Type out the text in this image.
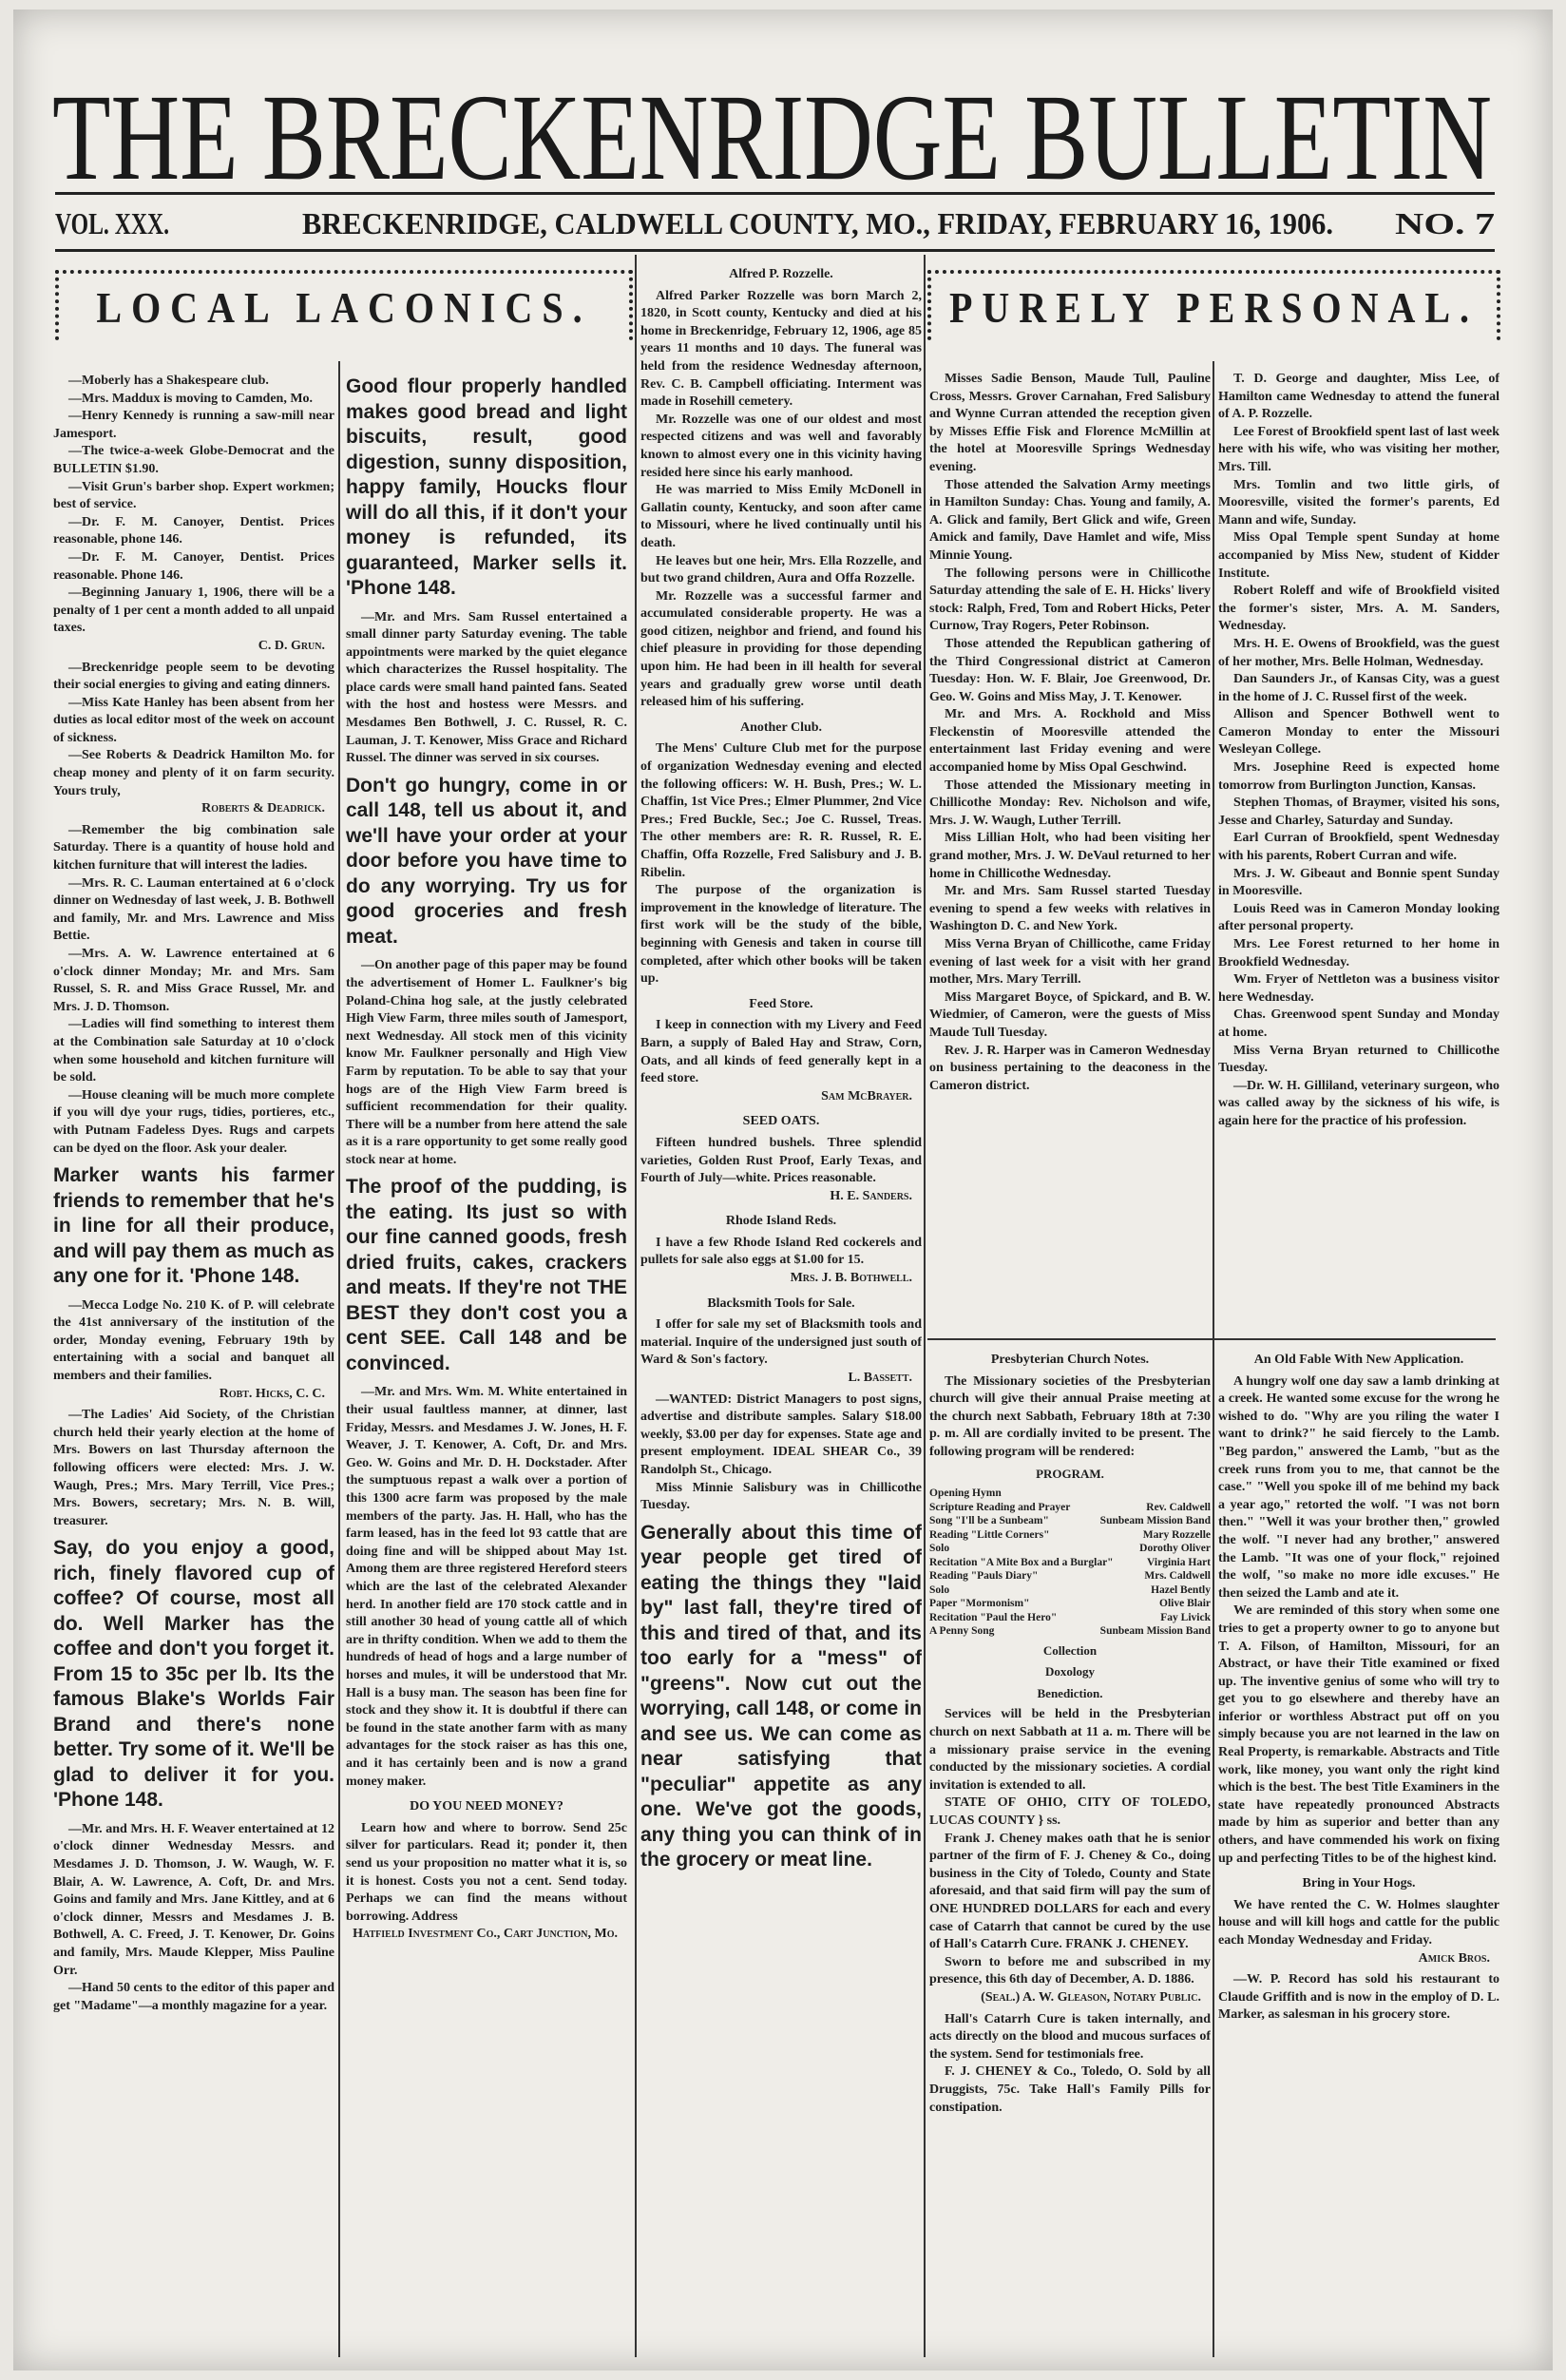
THE BRECKENRIDGE BULLETIN
VOL. XXX.	BRECKENRIDGE, CALDWELL COUNTY, MO., FRIDAY, FEBRUARY 16, 1906. NO. 7
LOCAL LACONICS.	PURELY PERSONAL.
—Moberly has a Shakespeare club.
—Mrs. Maddux is moving to Camden, Mo.
—Henry Kennedy is running a saw-mill near Jamesport.
—The twice-a-week Globe-Democrat and the BULLETIN $1.90.
—Visit Grun's barber shop. Expert workmen; best of service.
—Dr. F. M. Canoyer, Dentist. Prices reasonable, phone 146.
—Dr. F. M. Canoyer, Dentist. Prices reasonable. Phone 146.
—Beginning January 1, 1906, there will be a penalty of 1 per cent a month added to all unpaid taxes.
C. D. Grun.
—Breckenridge people seem to be devoting their social energies to giving and eating dinners.
—Miss Kate Hanley has been absent from her duties as local editor most of the week on account of sickness.
—See Roberts & Deadrick Hamilton Mo. for cheap money and plenty of it on farm security. Yours truly,
Roberts & Deadrick.
—Remember the big combination sale Saturday. There is a quantity of house hold and kitchen furniture that will interest the ladies.
—Mrs. R. C. Lauman entertained at 6 o'clock dinner on Wednesday of last week, J. B. Bothwell and family, Mr. and Mrs. Lawrence and Miss Bettie.
—Mrs. A. W. Lawrence entertained at 6 o'clock dinner Monday; Mr. and Mrs. Sam Russel, S. R. and Miss Grace Russel, Mr. and Mrs. J. D. Thomson.
—Ladies will find something to interest them at the Combination sale Saturday at 10 o'clock when some household and kitchen furniture will be sold.
—House cleaning will be much more complete if you will dye your rugs, tidies, portieres, etc., with Putnam Fadeless Dyes. Rugs and carpets can be dyed on the floor. Ask your dealer.
Marker wants his farmer friends to remember that he's in line for all their produce, and will pay them as much as any one for it. 'Phone 148.
—Mecca Lodge No. 210 K. of P. will celebrate the 41st anniversary of the institution of the order, Monday evening, February 19th by entertaining with a social and banquet all members and their families.
Robt. Hicks, C. C.
—The Ladies' Aid Society, of the Christian church held their yearly election at the home of Mrs. Bowers on last Thursday afternoon the following officers were elected: Mrs. J. W. Waugh, Pres.; Mrs. Mary Terrill, Vice Pres.; Mrs. Bowers, secretary; Mrs. N. B. Will, treasurer.
Say, do you enjoy a good, rich, finely flavored cup of coffee? Of course, most all do. Well Marker has the coffee and don't you forget it. From 15 to 35c per lb. Its the famous Blake's Worlds Fair Brand and there's none better. Try some of it. We'll be glad to deliver it for you. 'Phone 148.
—Mr. and Mrs. H. F. Weaver entertained at 12 o'clock dinner Wednesday Messrs. and Mesdames J. D. Thomson, J. W. Waugh, W. F. Blair, A. W. Lawrence, A. Coft, Dr. and Mrs. Goins and family and Mrs. Jane Kittley, and at 6 o'clock dinner, Messrs and Mesdames J. B. Bothwell, A. C. Freed, J. T. Kenower, Dr. Goins and family, Mrs. Maude Klepper, Miss Pauline Orr.
—Hand 50 cents to the editor of this paper and get "Madame"—a monthly magazine for a year.
Good flour properly handled makes good bread and light biscuits, result, good digestion, sunny disposition, happy family, Houcks flour will do all this, if it don't your money is refunded, its guaranteed, Marker sells it. 'Phone 148.
—Mr. and Mrs. Sam Russel entertained a small dinner party Saturday evening. The table appointments were marked by the quiet elegance which characterizes the Russel hospitality. The place cards were small hand painted fans. Seated with the host and hostess were Messrs. and Mesdames Ben Bothwell, J. C. Russel, R. C. Lauman, J. T. Kenower, Miss Grace and Richard Russel. The dinner was served in six courses.
Don't go hungry, come in or call 148, tell us about it, and we'll have your order at your door before you have time to do any worrying. Try us for good groceries and fresh meat.
—On another page of this paper may be found the advertisement of Homer L. Faulkner's big Poland-China hog sale, at the justly celebrated High View Farm, three miles south of Jamesport, next Wednesday. All stock men of this vicinity know Mr. Faulkner personally and High View Farm by reputation. To be able to say that your hogs are of the High View Farm breed is sufficient recommendation for their quality. There will be a number from here attend the sale as it is a rare opportunity to get some really good stock near at home.
The proof of the pudding, is the eating. Its just so with our fine canned goods, fresh dried fruits, cakes, crackers and meats. If they're not THE BEST they don't cost you a cent SEE. Call 148 and be convinced.
—Mr. and Mrs. Wm. M. White entertained in their usual faultless manner, at dinner, last Friday, Messrs. and Mesdames J. W. Jones, H. F. Weaver, J. T. Kenower, A. Coft, Dr. and Mrs. Geo. W. Goins and Mr. D. H. Dockstader. After the sumptuous repast a walk over a portion of this 1300 acre farm was proposed by the male members of the party. Jas. H. Hall, who has the farm leased, has in the feed lot 93 cattle that are doing fine and will be shipped about May 1st. Among them are three registered Hereford steers which are the last of the celebrated Alexander herd. In another field are 170 stock cattle and in still another 30 head of young cattle all of which are in thrifty condition. When we add to them the hundreds of head of hogs and a large number of horses and mules, it will be understood that Mr. Hall is a busy man. The season has been fine for stock and they show it. It is doubtful if there can be found in the state another farm with as many advantages for the stock raiser as has this one, and it has certainly been and is now a grand money maker.
DO YOU NEED MONEY?
Learn how and where to borrow. Send 25c silver for particulars. Read it; ponder it, then send us your proposition no matter what it is, so it is honest. Costs you not a cent. Send today. Perhaps we can find the means without borrowing. Address
Hatfield Investment Co., Cart Junction, Mo.
Alfred P. Rozzelle.
Alfred Parker Rozzelle was born March 2, 1820, in Scott county, Kentucky and died at his home in Breckenridge, February 12, 1906, age 85 years 11 months and 10 days. The funeral was held from the residence Wednesday afternoon, Rev. C. B. Campbell officiating. Interment was made in Rosehill cemetery.
Mr. Rozzelle was one of our oldest and most respected citizens and was well and favorably known to almost every one in this vicinity having resided here since his early manhood.
He was married to Miss Emily McDonell in Gallatin county, Kentucky, and soon after came to Missouri, where he lived continually until his death.
He leaves but one heir, Mrs. Ella Rozzelle, and but two grand children, Aura and Offa Rozzelle.
Mr. Rozzelle was a successful farmer and accumulated considerable property. He was a good citizen, neighbor and friend, and found his chief pleasure in providing for those depending upon him. He had been in ill health for several years and gradually grew worse until death released him of his suffering.
Another Club.
The Mens' Culture Club met for the purpose of organization Wednesday evening and elected the following officers: W. H. Bush, Pres.; W. L. Chaffin, 1st Vice Pres.; Elmer Plummer, 2nd Vice Pres.; Fred Buckle, Sec.; Joe C. Russel, Treas. The other members are: R. R. Russel, R. E. Chaffin, Offa Rozzelle, Fred Salisbury and J. B. Ribelin.
The purpose of the organization is improvement in the knowledge of literature. The first work will be the study of the bible, beginning with Genesis and taken in course till completed, after which other books will be taken up.
Feed Store.
I keep in connection with my Livery and Feed Barn, a supply of Baled Hay and Straw, Corn, Oats, and all kinds of feed generally kept in a feed store.
Sam McBrayer.
SEED OATS.
Fifteen hundred bushels. Three splendid varieties, Golden Rust Proof, Early Texas, and Fourth of July—white. Prices reasonable.
H. E. Sanders.
Rhode Island Reds.
I have a few Rhode Island Red cockerels and pullets for sale also eggs at $1.00 for 15.
Mrs. J. B. Bothwell.
Blacksmith Tools for Sale.
I offer for sale my set of Blacksmith tools and material. Inquire of the undersigned just south of Ward & Son's factory.
L. Bassett.
—WANTED: District Managers to post signs, advertise and distribute samples. Salary $18.00 weekly, $3.00 per day for expenses. State age and present employment. IDEAL SHEAR Co., 39 Randolph St., Chicago.
Miss Minnie Salisbury was in Chillicothe Tuesday.
Generally about this time of year people get tired of eating the things they "laid by" last fall, they're tired of this and tired of that, and its too early for a "mess" of "greens". Now cut out the worrying, call 148, or come in and see us. We can come as near satisfying that "peculiar" appetite as any one. We've got the goods, any thing you can think of in the grocery or meat line.
Misses Sadie Benson, Maude Tull, Pauline Cross, Messrs. Grover Carnahan, Fred Salisbury and Wynne Curran attended the reception given by Misses Effie Fisk and Florence McMillin at the hotel at Mooresville Springs Wednesday evening.
Those attended the Salvation Army meetings in Hamilton Sunday: Chas. Young and family, A. A. Glick and family, Bert Glick and wife, Green Amick and family, Dave Hamlet and wife, Miss Minnie Young.
The following persons were in Chillicothe Saturday attending the sale of E. H. Hicks' livery stock: Ralph, Fred, Tom and Robert Hicks, Peter Curnow, Tray Rogers, Peter Robinson.
Those attended the Republican gathering of the Third Congressional district at Cameron Tuesday: Hon. W. F. Blair, Joe Greenwood, Dr. Geo. W. Goins and Miss May, J. T. Kenower.
Mr. and Mrs. A. Rockhold and Miss Fleckenstin of Mooresville attended the entertainment last Friday evening and were accompanied home by Miss Opal Geschwind.
Those attended the Missionary meeting in Chillicothe Monday: Rev. Nicholson and wife, Mrs. J. W. Waugh, Luther Terrill.
Miss Lillian Holt, who had been visiting her grand mother, Mrs. J. W. DeVaul returned to her home in Chillicothe Wednesday.
Mr. and Mrs. Sam Russel started Tuesday evening to spend a few weeks with relatives in Washington D. C. and New York.
Miss Verna Bryan of Chillicothe, came Friday evening of last week for a visit with her grand mother, Mrs. Mary Terrill.
Miss Margaret Boyce, of Spickard, and B. W. Wiedmier, of Cameron, were the guests of Miss Maude Tull Tuesday.
Rev. J. R. Harper was in Cameron Wednesday on business pertaining to the deaconess in the Cameron district.
T. D. George and daughter, Miss Lee, of Hamilton came Wednesday to attend the funeral of A. P. Rozzelle.
Lee Forest of Brookfield spent last of last week here with his wife, who was visiting her mother, Mrs. Till.
Mrs. Tomlin and two little girls, of Mooresville, visited the former's parents, Ed Mann and wife, Sunday.
Miss Opal Temple spent Sunday at home accompanied by Miss New, student of Kidder Institute.
Robert Roleff and wife of Brookfield visited the former's sister, Mrs. A. M. Sanders, Wednesday.
Mrs. H. E. Owens of Brookfield, was the guest of her mother, Mrs. Belle Holman, Wednesday.
Dan Saunders Jr., of Kansas City, was a guest in the home of J. C. Russel first of the week.
Allison and Spencer Bothwell went to Cameron Monday to enter the Missouri Wesleyan College.
Mrs. Josephine Reed is expected home tomorrow from Burlington Junction, Kansas.
Stephen Thomas, of Braymer, visited his sons, Jesse and Charley, Saturday and Sunday.
Earl Curran of Brookfield, spent Wednesday with his parents, Robert Curran and wife.
Mrs. J. W. Gibeaut and Bonnie spent Sunday in Mooresville.
Louis Reed was in Cameron Monday looking after personal property.
Mrs. Lee Forest returned to her home in Brookfield Wednesday.
Wm. Fryer of Nettleton was a business visitor here Wednesday.
Chas. Greenwood spent Sunday and Monday at home.
Miss Verna Bryan returned to Chillicothe Tuesday.
—Dr. W. H. Gilliland, veterinary surgeon, who was called away by the sickness of his wife, is again here for the practice of his profession.
Presbyterian Church Notes.
The Missionary societies of the Presbyterian church will give their annual Praise meeting at the church next Sabbath, February 18th at 7:30 p. m. All are cordially invited to be present. The following program will be rendered:
PROGRAM.
Opening Hymn
Scripture Reading and Prayer	Rev. Caldwell
Song "I'll be a Sunbeam"	Sunbeam Mission Band
Reading "Little Corners"	Mary Rozzelle
Solo	Dorothy Oliver
Recitation "A Mite Box and a Burglar"	Virginia Hart
Reading "Pauls Diary"	Mrs. Caldwell
Solo	Hazel Bently
Paper "Mormonism"	Olive Blair
Recitation "Paul the Hero"	Fay Livick
A Penny Song	Sunbeam Mission Band
Collection
Doxology
Benediction.
Services will be held in the Presbyterian church on next Sabbath at 11 a. m. There will be a missionary praise service in the evening conducted by the missionary societies. A cordial invitation is extended to all.
STATE OF OHIO, CITY OF TOLEDO, LUCAS COUNTY } ss.
Frank J. Cheney makes oath that he is senior partner of the firm of F. J. Cheney & Co., doing business in the City of Toledo, County and State aforesaid, and that said firm will pay the sum of ONE HUNDRED DOLLARS for each and every case of Catarrh that cannot be cured by the use of Hall's Catarrh Cure. FRANK J. CHENEY.
Sworn to before me and subscribed in my presence, this 6th day of December, A. D. 1886.
(Seal.) A. W. Gleason, Notary Public.
Hall's Catarrh Cure is taken internally, and acts directly on the blood and mucous surfaces of the system. Send for testimonials free.
F. J. CHENEY & Co., Toledo, O. Sold by all Druggists, 75c. Take Hall's Family Pills for constipation.
An Old Fable With New Application.
A hungry wolf one day saw a lamb drinking at a creek. He wanted some excuse for the wrong he wished to do. "Why are you riling the water I want to drink?" he said fiercely to the Lamb. "Beg pardon," answered the Lamb, "but as the creek runs from you to me, that cannot be the case." "Well you spoke ill of me behind my back a year ago," retorted the wolf. "I was not born then." "Well it was your brother then," growled the wolf. "I never had any brother," answered the Lamb. "It was one of your flock," rejoined the wolf, "so make no more idle excuses." He then seized the Lamb and ate it.
We are reminded of this story when some one tries to get a property owner to go to anyone but T. A. Filson, of Hamilton, Missouri, for an Abstract, or have their Title examined or fixed up. The inventive genius of some who will try to get you to go elsewhere and thereby have an inferior or worthless Abstract put off on you simply because you are not learned in the law on Real Property, is remarkable. Abstracts and Title work, like money, you want only the right kind which is the best. The best Title Examiners in the state have repeatedly pronounced Abstracts made by him as superior and better than any others, and have commended his work on fixing up and perfecting Titles to be of the highest kind.
Bring in Your Hogs.
We have rented the C. W. Holmes slaughter house and will kill hogs and cattle for the public each Monday Wednesday and Friday.
Amick Bros.
—W. P. Record has sold his restaurant to Claude Griffith and is now in the employ of D. L. Marker, as salesman in his grocery store.
